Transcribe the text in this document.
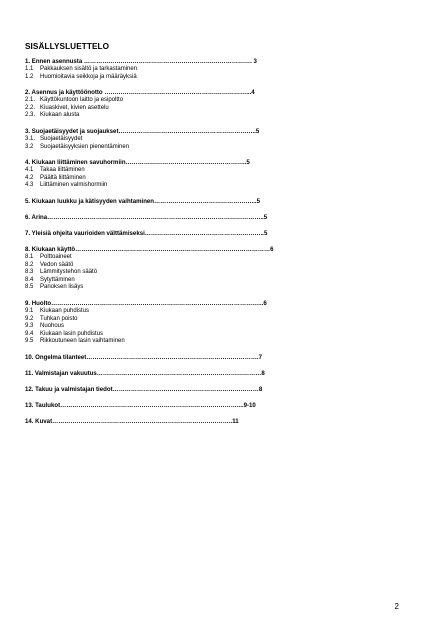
SISÄLLYSLUETTELO
1. Ennen asennusta ……………………………………………………….………………. 3
1.1	Pakkauksen sisältö ja tarkastaminen
1.2	Huomioitavia seikkoja ja määräyksiä
2. Asennus ja käyttöönotto ……………………………………………….……………...4
2.1. Käyttökuntoon laitto ja esipoltto
2.2. Kiuaskivet, kivien asettelu
2.3. Kiukaan alusta
3. Suojaetäisyydet ja suojaukset…………………………………………………………..5
3.1. Suojaetäisyydet
3.2	Suojaetäisyyksien pienentäminen
4. Kiukaan liittäminen savuhormiin…………………………………….……………..5
4.1	Takaa liittäminen
4.2	Päältä liittäminen
4.3	Liittäminen valmishormiin
5. Kiukaan luukku ja kätisyyden vaihtaminen…………………………………………...5
6. Arina……………………………………………………………………………………………..5
7. Yleisiä ohjeita vaurioiden välttämiseksi…………………………………………………..5
8. Kiukaan käyttö……………………………………………………………………………………6
8.1	Polttoaineet
8.2	Vedon säätö
8.3	Lämmitystehon säätö
8.4	Sytyttäminen
8.5	Panoksen lisäys
9. Huolto…………………………………………………………………………………………...6
9.1	Kiukaan puhdistus
9.2	Tuhkan poisto
9.3	Nuohous
9.4	Kiukaan lasin puhdistus
9.5	Rikkoutuneen lasin vaihtaminen
10. Ongelma tilanteet………………………………………………………………………….7
11. Valmistajan vakuutus………………………………………………………………………8
12. Takuu ja valmistajan tiedot………………………………………………………………8
13. Taulukot……………………………………………………………………………....9-10
14. Kuvat……………………………………………………………………………..11
2
